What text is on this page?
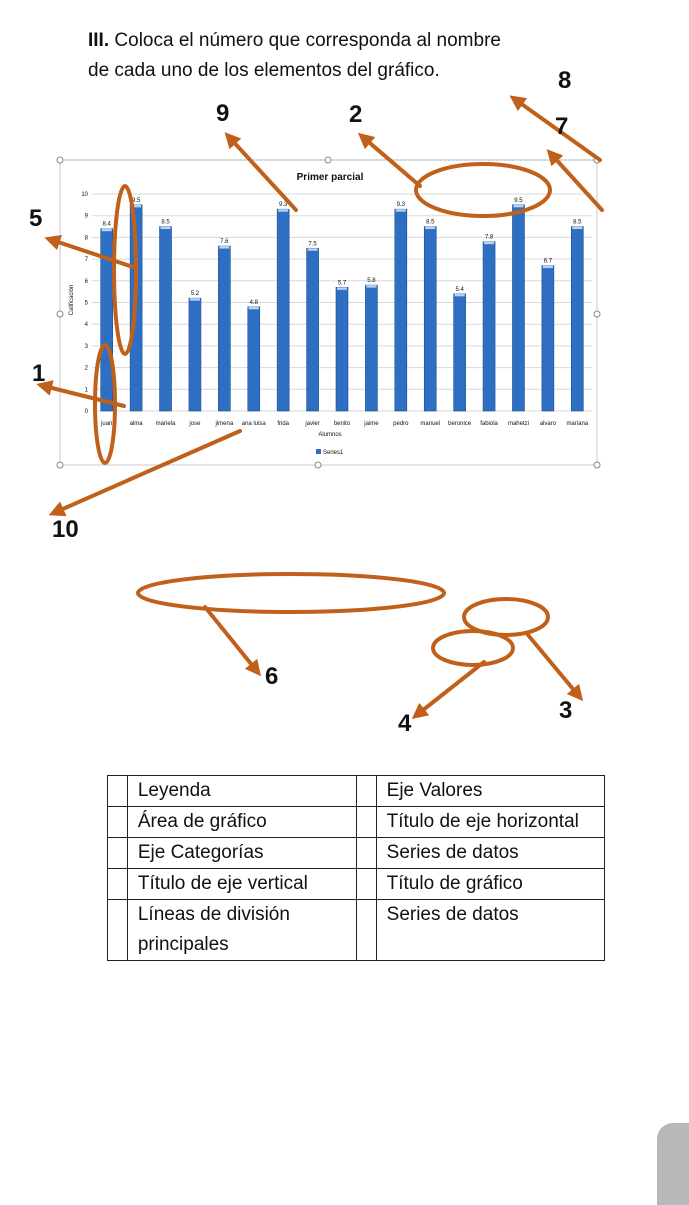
III. Coloca el número que corresponda al nombre
de cada uno de los elementos del gráfico.
Primer parcial
0
1
2
3
4
5
6
7
8
9
10
8.4
9.5
8.5
5.2
7.6
4.8
9.3
7.5
5.7	5.8
9.3
8.5
5.4
7.8
9.5
6.7
8.5
juan	alma mariela jose	jimena ana luisa frida	javier benito jaime pedro manuel beronice fabiola mahetzi alvaro mariana
Alumnos
Calificación
Series1
1
2
3
4
5
6
7
8
9
10
	Leyenda		Eje Valores
	Área de gráfico		Título de eje horizontal
	Eje Categorías		Series de datos
	Título de eje vertical		Título de gráfico
	Líneas de división principales		Series de datos
